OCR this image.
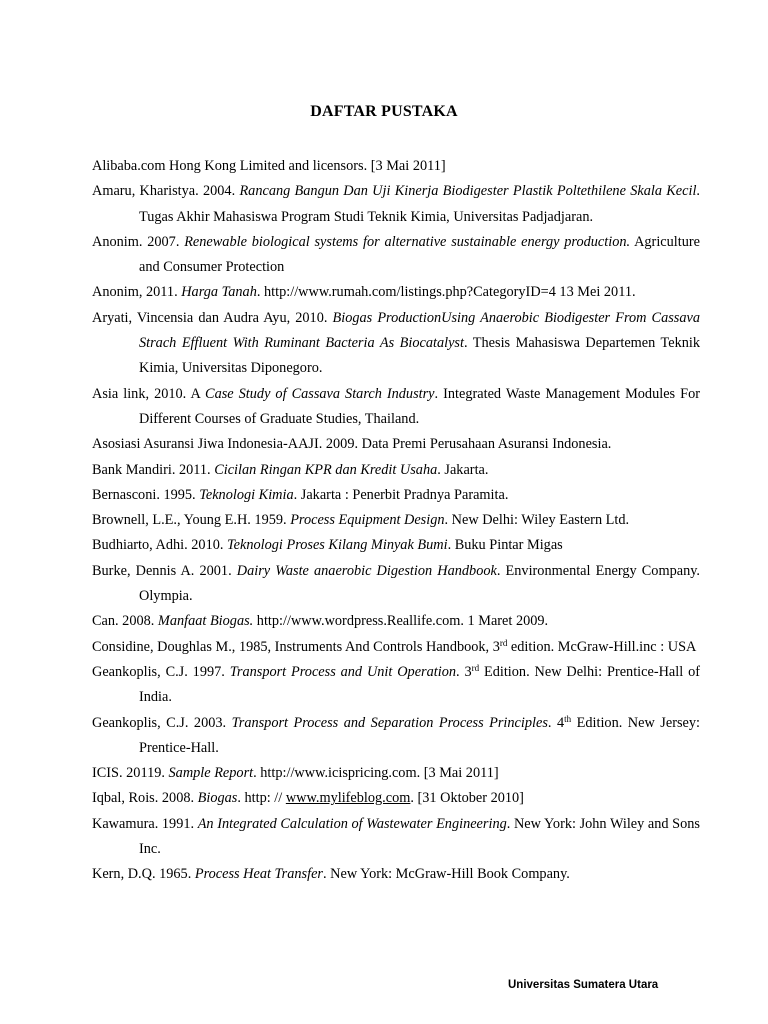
DAFTAR PUSTAKA
Alibaba.com Hong Kong Limited and licensors. [3 Mai 2011]
Amaru, Kharistya. 2004. Rancang Bangun Dan Uji Kinerja Biodigester Plastik Poltethilene Skala Kecil. Tugas Akhir Mahasiswa Program Studi Teknik Kimia, Universitas Padjadjaran.
Anonim. 2007. Renewable biological systems for alternative sustainable energy production. Agriculture and Consumer Protection
Anonim, 2011. Harga Tanah. http://www.rumah.com/listings.php?CategoryID=4 13 Mei 2011.
Aryati, Vincensia dan Audra Ayu, 2010. Biogas ProductionUsing Anaerobic Biodigester From Cassava Strach Effluent With Ruminant Bacteria As Biocatalyst. Thesis Mahasiswa Departemen Teknik Kimia, Universitas Diponegoro.
Asia link, 2010. A Case Study of Cassava Starch Industry. Integrated Waste Management Modules For Different Courses of Graduate Studies, Thailand.
Asosiasi Asuransi Jiwa Indonesia-AAJI. 2009. Data Premi Perusahaan Asuransi Indonesia.
Bank Mandiri. 2011. Cicilan Ringan KPR dan Kredit Usaha. Jakarta.
Bernasconi. 1995. Teknologi Kimia. Jakarta : Penerbit Pradnya Paramita.
Brownell, L.E., Young E.H. 1959. Process Equipment Design. New Delhi: Wiley Eastern Ltd.
Budhiarto, Adhi. 2010. Teknologi Proses Kilang Minyak Bumi. Buku Pintar Migas
Burke, Dennis A. 2001. Dairy Waste anaerobic Digestion Handbook. Environmental Energy Company. Olympia.
Can. 2008. Manfaat Biogas. http://www.wordpress.Reallife.com. 1 Maret 2009.
Considine, Doughlas M., 1985, Instruments And Controls Handbook, 3rd edition. McGraw-Hill.inc : USA
Geankoplis, C.J. 1997. Transport Process and Unit Operation. 3rd Edition. New Delhi: Prentice-Hall of India.
Geankoplis, C.J. 2003. Transport Process and Separation Process Principles. 4th Edition. New Jersey: Prentice-Hall.
ICIS. 20119. Sample Report. http://www.icispricing.com. [3 Mai 2011]
Iqbal, Rois. 2008. Biogas. http: // www.mylifeblog.com. [31 Oktober 2010]
Kawamura. 1991. An Integrated Calculation of Wastewater Engineering. New York: John Wiley and Sons Inc.
Kern, D.Q. 1965. Process Heat Transfer. New York: McGraw-Hill Book Company.
Universitas Sumatera Utara
